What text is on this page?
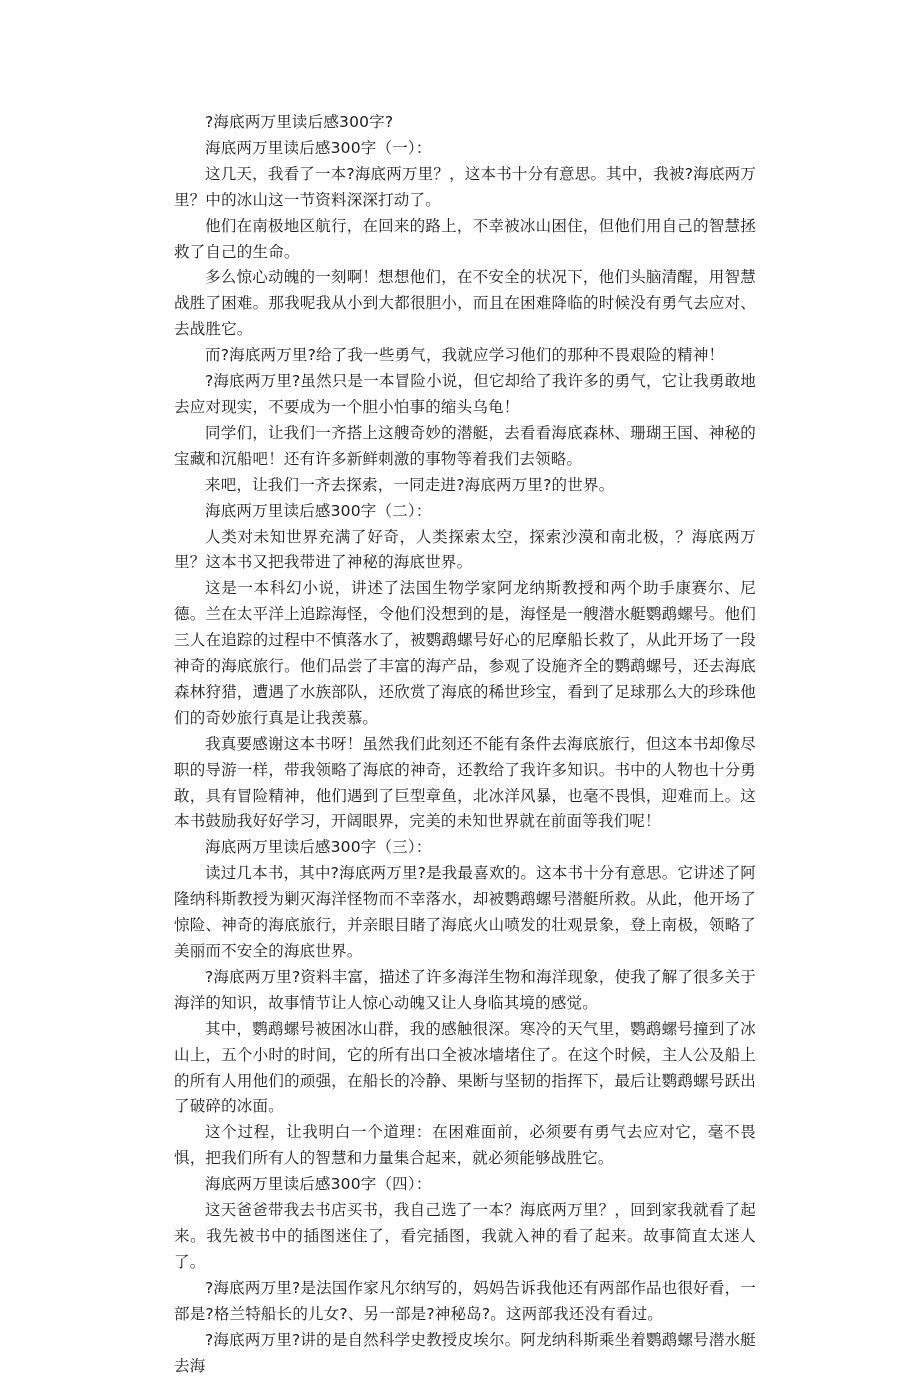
?海底两万里读后感300字?

海底两万里读后感300字（一）：

这几天，我看了一本?海底两万里？，这本书十分有意思。其中，我被?海底两万里？中的冰山这一节资料深深打动了。

他们在南极地区航行，在回来的路上，不幸被冰山困住，但他们用自己的智慧拯救了自己的生命。

多么惊心动魄的一刻啊！想想他们，在不安全的状况下，他们头脑清醒，用智慧战胜了困难。那我呢我从小到大都很胆小，而且在困难降临的时候没有勇气去应对、去战胜它。

而?海底两万里?给了我一些勇气，我就应学习他们的那种不畏艰险的精神！

?海底两万里?虽然只是一本冒险小说，但它却给了我许多的勇气，它让我勇敢地去应对现实，不要成为一个胆小怕事的缩头乌龟！

同学们，让我们一齐搭上这艘奇妙的潜艇，去看看海底森林、珊瑚王国、神秘的宝藏和沉船吧！还有许多新鲜刺激的事物等着我们去领略。

来吧，让我们一齐去探索，一同走进?海底两万里?的世界。

海底两万里读后感300字（二）：

人类对未知世界充满了好奇，人类探索太空，探索沙漠和南北极，？海底两万里？这本书又把我带进了神秘的海底世界。

这是一本科幻小说，讲述了法国生物学家阿龙纳斯教授和两个助手康赛尔、尼德。兰在太平洋上追踪海怪，令他们没想到的是，海怪是一艘潜水艇鹦鹉螺号。他们三人在追踪的过程中不慎落水了，被鹦鹉螺号好心的尼摩船长救了，从此开场了一段神奇的海底旅行。他们品尝了丰富的海产品，参观了设施齐全的鹦鹉螺号，还去海底森林狩猎，遭遇了水族部队，还欣赏了海底的稀世珍宝，看到了足球那么大的珍珠他们的奇妙旅行真是让我羡慕。

我真要感谢这本书呀！虽然我们此刻还不能有条件去海底旅行，但这本书却像尽职的导游一样，带我领略了海底的神奇，还教给了我许多知识。书中的人物也十分勇敢，具有冒险精神，他们遇到了巨型章鱼，北冰洋风暴，也毫不畏惧，迎难而上。这本书鼓励我好好学习，开阔眼界，完美的未知世界就在前面等我们呢！

海底两万里读后感300字（三）：

读过几本书，其中?海底两万里?是我最喜欢的。这本书十分有意思。它讲述了阿隆纳科斯教授为剿灭海洋怪物而不幸落水，却被鹦鹉螺号潜艇所救。从此，他开场了惊险、神奇的海底旅行，并亲眼目睹了海底火山喷发的壮观景象，登上南极，领略了美丽而不安全的海底世界。

?海底两万里?资料丰富，描述了许多海洋生物和海洋现象，使我了解了很多关于海洋的知识，故事情节让人惊心动魄又让人身临其境的感觉。

其中，鹦鹉螺号被困冰山群，我的感触很深。寒冷的天气里，鹦鹉螺号撞到了冰山上，五个小时的时间，它的所有出口全被冰墙堵住了。在这个时候，主人公及船上的所有人用他们的顽强，在船长的冷静、果断与坚韧的指挥下，最后让鹦鹉螺号跃出了破碎的冰面。

这个过程，让我明白一个道理：在困难面前，必须要有勇气去应对它，毫不畏惧，把我们所有人的智慧和力量集合起来，就必须能够战胜它。

海底两万里读后感300字（四）：

这天爸爸带我去书店买书，我自己选了一本？海底两万里？，回到家我就看了起来。我先被书中的插图迷住了，看完插图，我就入神的看了起来。故事简直太迷人了。

?海底两万里?是法国作家凡尔纳写的，妈妈告诉我他还有两部作品也很好看，一部是?格兰特船长的儿女?、另一部是?神秘岛?。这两部我还没有看过。

?海底两万里?讲的是自然科学史教授皮埃尔。阿龙纳科斯乘坐着鹦鹉螺号潜水艇去海
